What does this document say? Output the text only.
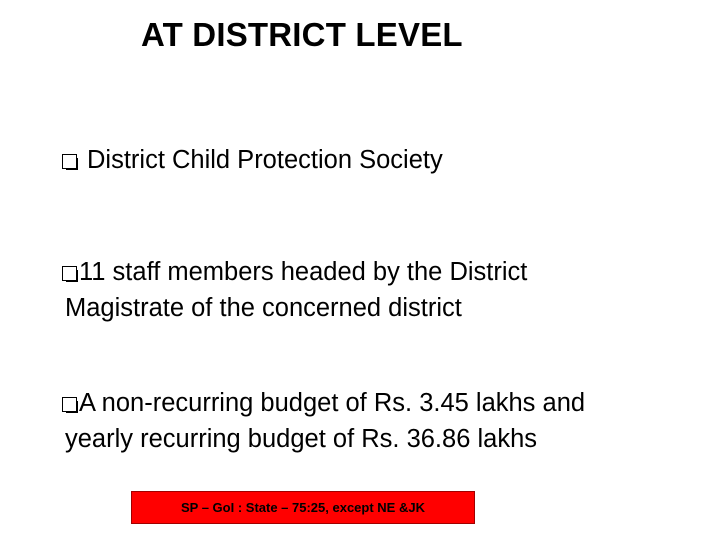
AT DISTRICT LEVEL
District Child Protection Society
11 staff members headed by the District
Magistrate of the concerned district
A non-recurring budget of Rs. 3.45 lakhs and
yearly recurring budget of Rs. 36.86 lakhs
SP – GoI : State – 75:25, except NE &JK
